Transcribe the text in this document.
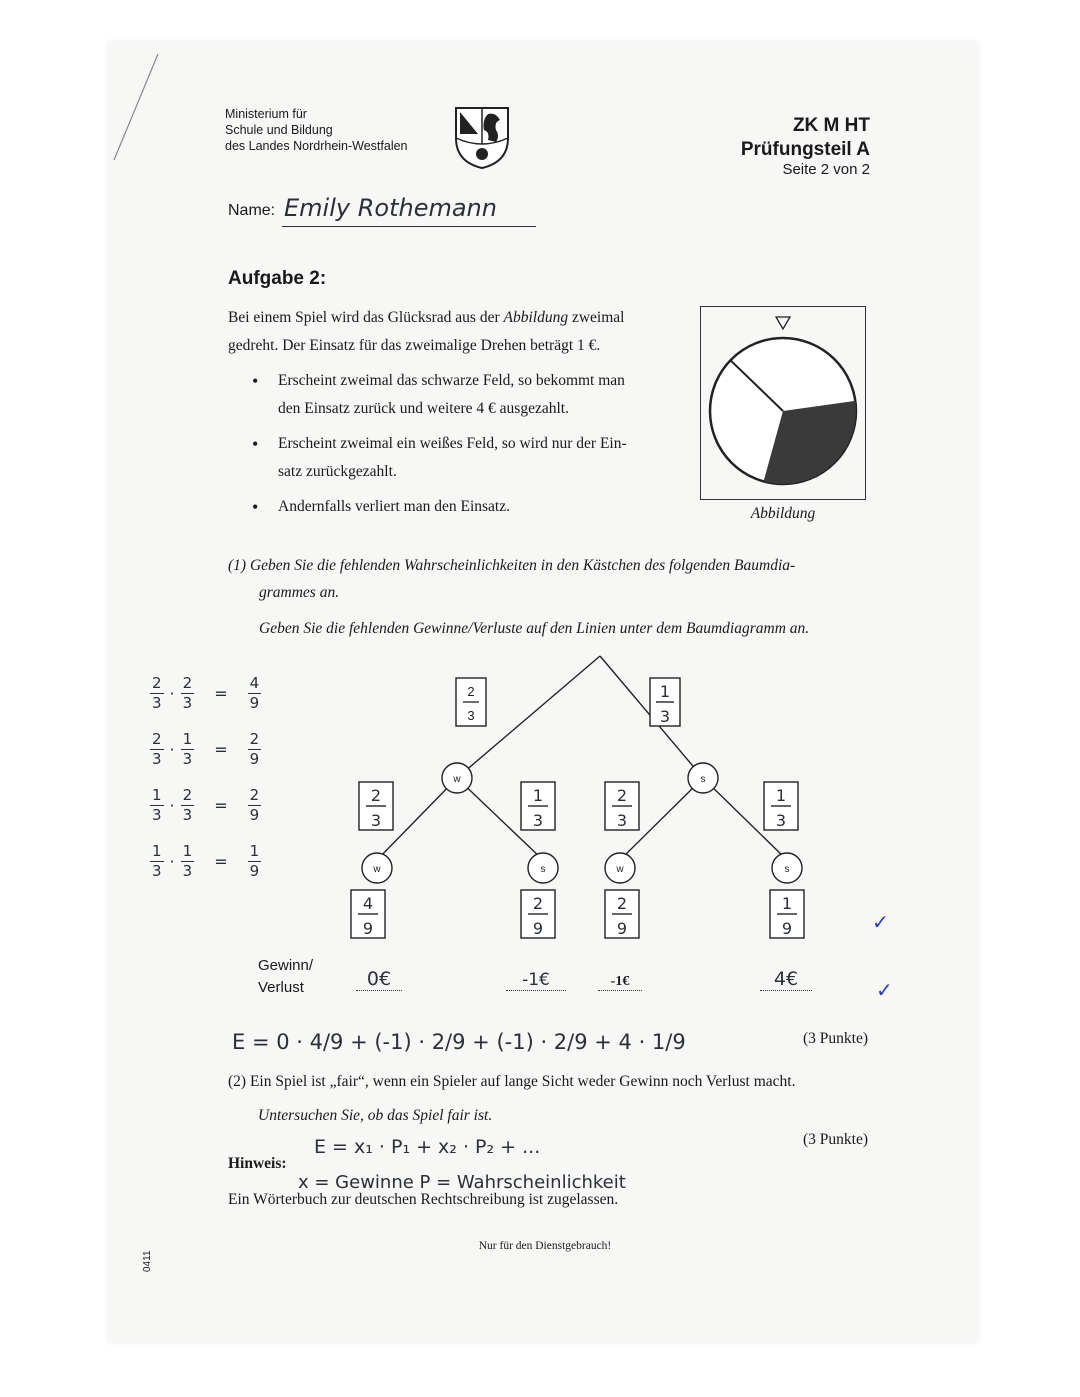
Ministerium für
Schule und Bildung
des Landes Nordrhein-Westfalen
ZK M HT
Prüfungsteil A
Seite 2 von 2
Name: Emily Rothemann
Aufgabe 2:
Bei einem Spiel wird das Glücksrad aus der Abbildung zweimal
gedreht. Der Einsatz für das zweimalige Drehen beträgt 1 €.
•	Erscheint zweimal das schwarze Feld, so bekommt man
den Einsatz zurück und weitere 4 € ausgezahlt.
•	Erscheint zweimal ein weißes Feld, so wird nur der Ein-
satz zurückgezahlt.
•	Andernfalls verliert man den Einsatz.	Abbildung
(1) Geben Sie die fehlenden Wahrscheinlichkeiten in den Kästchen des folgenden Baumdia-
grammes an.
Geben Sie die fehlenden Gewinne/Verluste auf den Linien unter dem Baumdiagramm an.
w	s
w	s	w	s
2
3
1
3
2
3
1
3
2
3
1
3
4
9
2
9
2
9
1
9	✓
Gewinn/
Verlust	0€	-1€	-1€	4€
✓
$\frac{2}{3} \cdot \frac{2}{3} = \frac{4}{9}$
$\frac{2}{3} \cdot \frac{1}{3} = \frac{2}{9}$
$\frac{1}{3} \cdot \frac{2}{3} = \frac{2}{9}$
$\frac{1}{3} \cdot \frac{1}{3} = \frac{1}{9}$
E = 0 · 4/9 + (-1) · 2/9 + (-1) · 2/9 + 4 · 1/9	(3 Punkte)
(2) Ein Spiel ist „fair“, wenn ein Spieler auf lange Sicht weder Gewinn noch Verlust macht.
Untersuchen Sie, ob das Spiel fair ist.
(3 Punkte)
E = x₁ · P₁ + x₂ · P₂ + ...
x = Gewinne P = Wahrscheinlichkeit
Hinweis:
Ein Wörterbuch zur deutschen Rechtschreibung ist zugelassen.
Nur für den Dienstgebrauch!
0411
